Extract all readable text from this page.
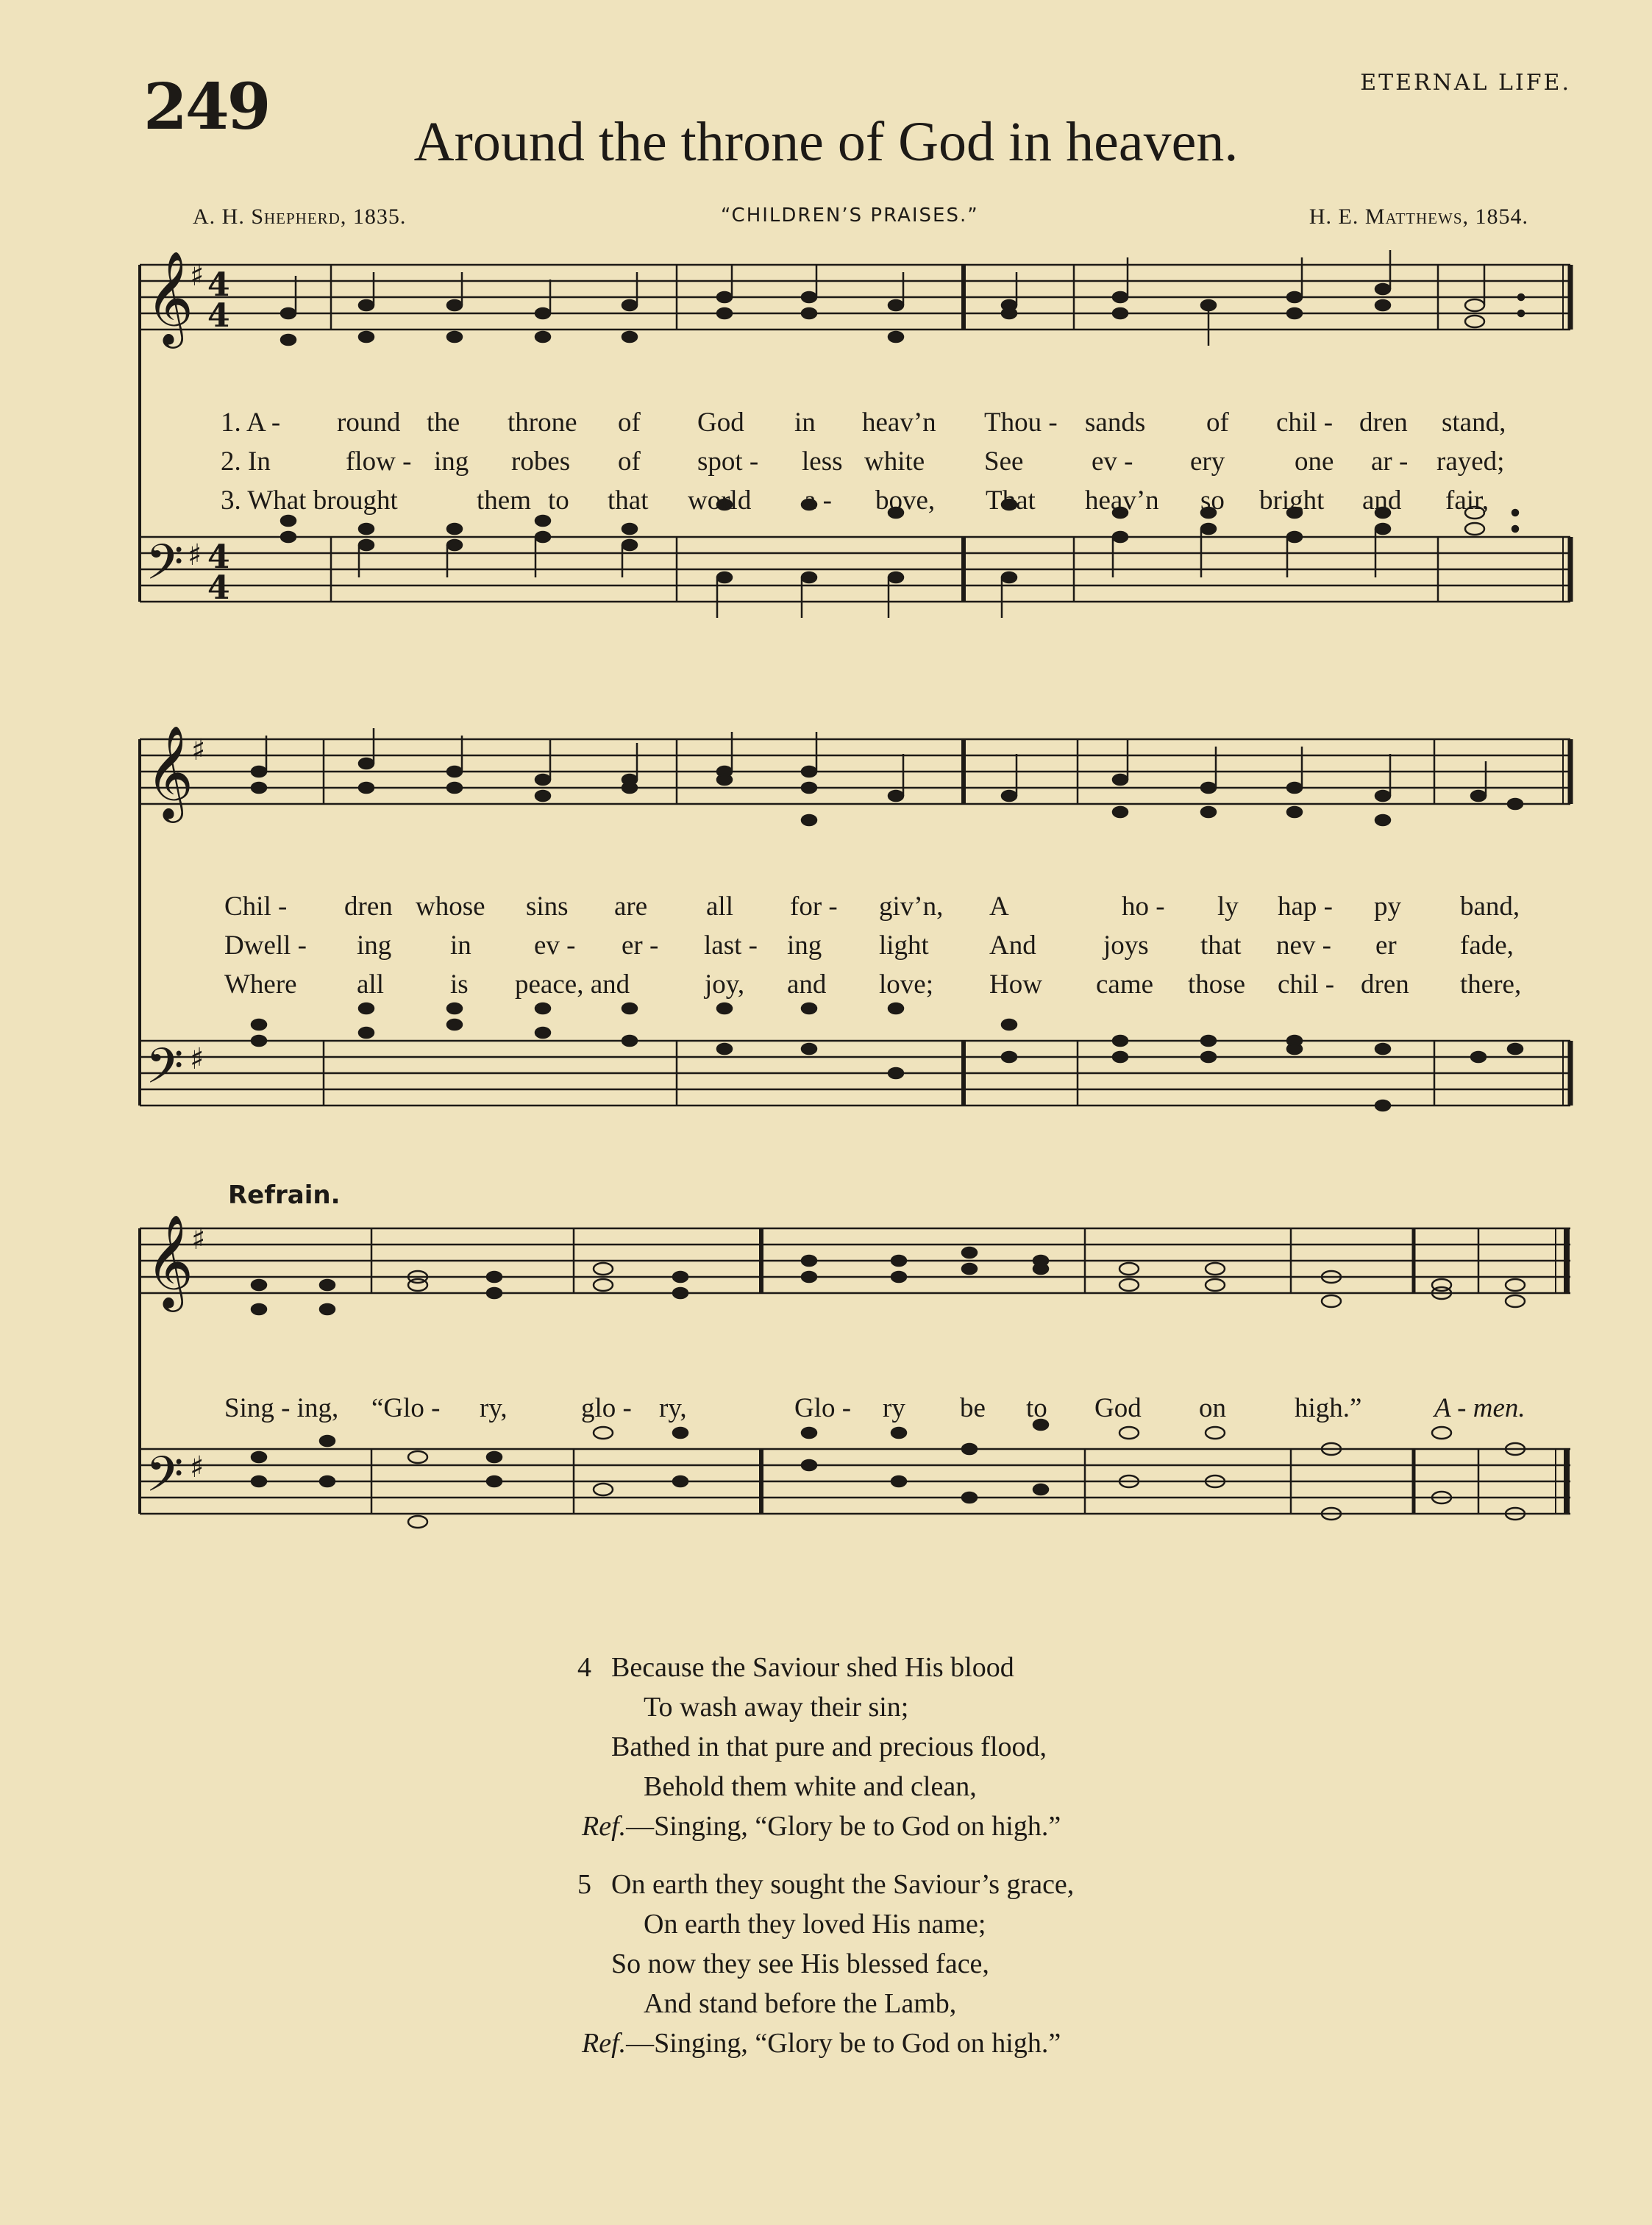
249	ETERNAL LIFE.
Around the throne of God in heaven.
A. H. Shepherd, 1835.	“CHILDREN’S PRAISES.”	H. E. Matthews, 1854.
𝄞
♯ 4
4
𝄢 ♯ 4
4

1. A - round the throne of God in heav’n Thou - sands of chil - dren stand,

2. In	flow - ing robes of spot - less white See	ev - ery	one ar - rayed;

3. What brought	them to that world a - bove, That heav’n so bright and fair,

𝄞
♯
𝄢 ♯

Chil - dren whose sins are all for - giv’n, A	ho - ly hap - py band,

Dwell - ing in ev - er - last - ing light And joys that nev - er fade,

Where all is peace, and	joy, and love; How came those chil - dren there,

Refrain.
𝄞
♯
𝄢 ♯

Sing - ing, “Glo - ry,	glo - ry,	Glo - ry be to God on	high.”	A - men.

4 Because the Saviour shed His blood
To wash away their sin;
Bathed in that pure and precious flood,
Behold them white and clean,
Ref.—Singing, “Glory be to God on high.”
5 On earth they sought the Saviour’s grace,
On earth they loved His name;
So now they see His blessed face,
And stand before the Lamb,
Ref.—Singing, “Glory be to God on high.”
